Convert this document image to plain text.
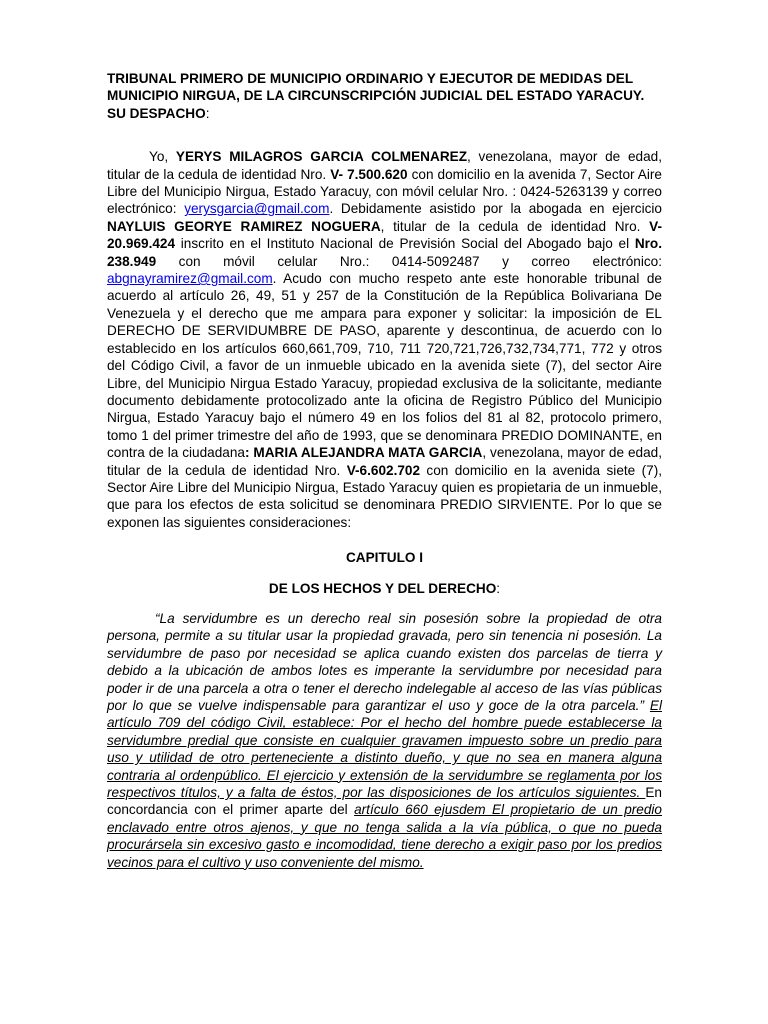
TRIBUNAL PRIMERO DE MUNICIPIO ORDINARIO Y EJECUTOR DE MEDIDAS DEL MUNICIPIO NIRGUA, DE LA CIRCUNSCRIPCIÓN JUDICIAL DEL ESTADO YARACUY.
SU DESPACHO:

Yo, YERYS MILAGROS GARCIA COLMENAREZ, venezolana, mayor de edad, titular de la cedula de identidad Nro. V- 7.500.620 con domicilio en la avenida 7, Sector Aire Libre del Municipio Nirgua, Estado Yaracuy, con móvil celular Nro. : 0424-5263139 y correo electrónico: yerysgarcia@gmail.com. Debidamente asistido por la abogada en ejercicio NAYLUIS GEORYE RAMIREZ NOGUERA, titular de la cedula de identidad Nro. V-20.969.424 inscrito en el Instituto Nacional de Previsión Social del Abogado bajo el Nro. 238.949 con móvil celular Nro.: 0414-5092487 y correo electrónico: abgnayramirez@gmail.com. Acudo con mucho respeto ante este honorable tribunal de acuerdo al artículo 26, 49, 51 y 257 de la Constitución de la República Bolivariana De Venezuela y el derecho que me ampara para exponer y solicitar: la imposición de EL DERECHO DE SERVIDUMBRE DE PASO, aparente y descontinua, de acuerdo con lo establecido en los artículos 660,661,709, 710, 711 720,721,726,732,734,771, 772 y otros del Código Civil, a favor de un inmueble ubicado en la avenida siete (7), del sector Aire Libre, del Municipio Nirgua Estado Yaracuy, propiedad exclusiva de la solicitante, mediante documento debidamente protocolizado ante la oficina de Registro Público del Municipio Nirgua, Estado Yaracuy bajo el número 49 en los folios del 81 al 82, protocolo primero, tomo 1 del primer trimestre del año de 1993, que se denominara PREDIO DOMINANTE, en contra de la ciudadana: MARIA ALEJANDRA MATA GARCIA, venezolana, mayor de edad, titular de la cedula de identidad Nro. V-6.602.702 con domicilio en la avenida siete (7), Sector Aire Libre del Municipio Nirgua, Estado Yaracuy quien es propietaria de un inmueble, que para los efectos de esta solicitud se denominara PREDIO SIRVIENTE. Por lo que se exponen las siguientes consideraciones:

CAPITULO I

DE LOS HECHOS Y DEL DERECHO:

“La servidumbre es un derecho real sin posesión sobre la propiedad de otra persona, permite a su titular usar la propiedad gravada, pero sin tenencia ni posesión. La servidumbre de paso por necesidad se aplica cuando existen dos parcelas de tierra y debido a la ubicación de ambos lotes es imperante la servidumbre por necesidad para poder ir de una parcela a otra o tener el derecho indelegable al acceso de las vías públicas por lo que se vuelve indispensable para garantizar el uso y goce de la otra parcela.” El artículo 709 del código Civil, establece: Por el hecho del hombre puede establecerse la servidumbre predial que consiste en cualquier gravamen impuesto sobre un predio para uso y utilidad de otro perteneciente a distinto dueño, y que no sea en manera alguna contraria al ordenpúblico. El ejercicio y extensión de la servidumbre se reglamenta por los respectivos títulos, y a falta de éstos, por las disposiciones de los artículos siguientes. En concordancia con el primer aparte del artículo 660 ejusdem El propietario de un predio enclavado entre otros ajenos, y que no tenga salida a la vía pública, o que no pueda procurársela sin excesivo gasto e incomodidad, tiene derecho a exigir paso por los predios vecinos para el cultivo y uso conveniente del mismo.
